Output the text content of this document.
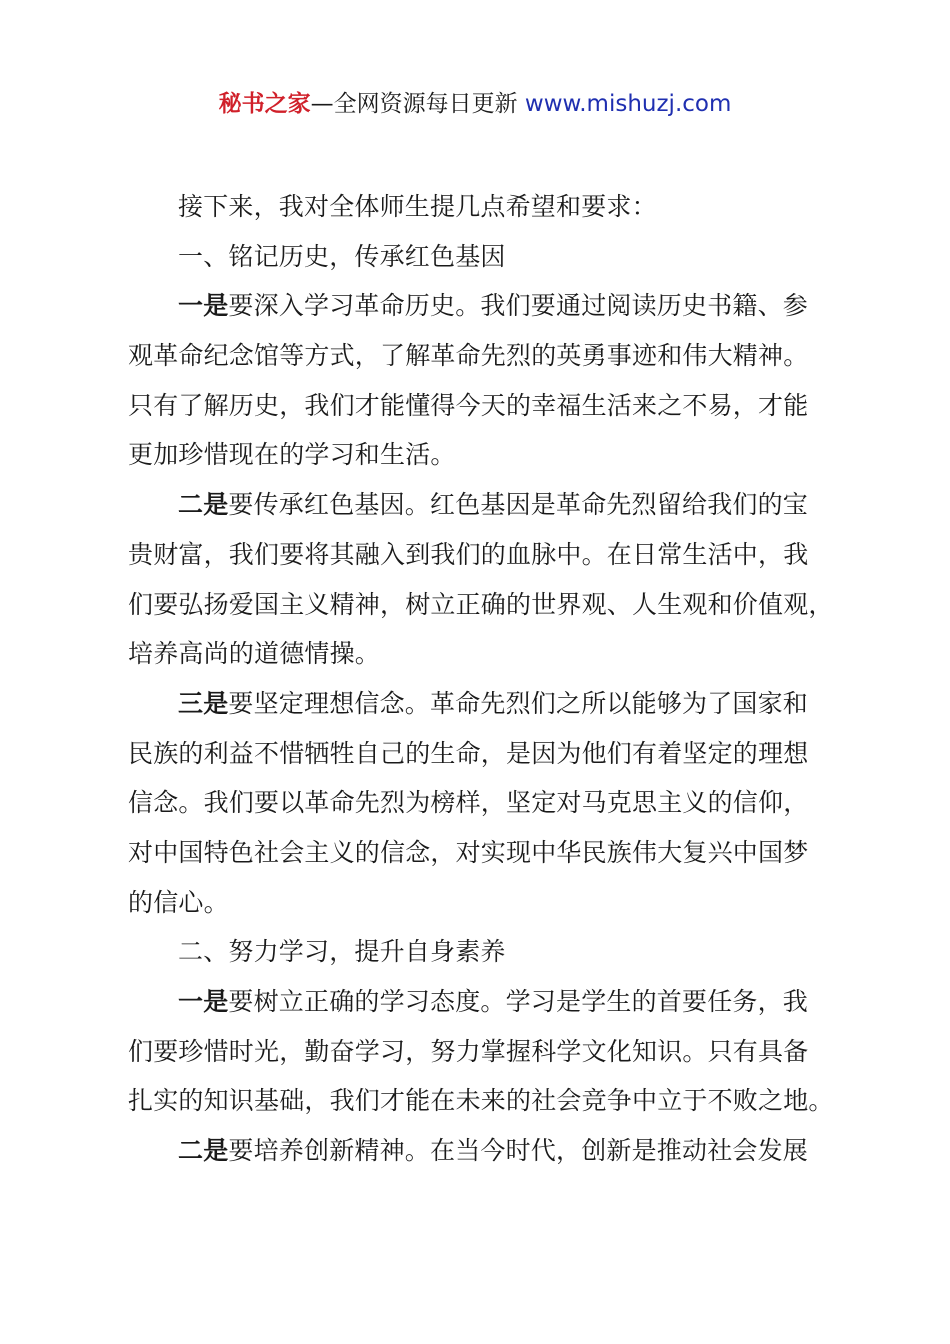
秘书之家—全网资源每日更新 www.mishuzj.com
接下来，我对全体师生提几点希望和要求：
一、铭记历史，传承红色基因
一是要深入学习革命历史。我们要通过阅读历史书籍、参
观革命纪念馆等方式，了解革命先烈的英勇事迹和伟大精神。
只有了解历史，我们才能懂得今天的幸福生活来之不易，才能
更加珍惜现在的学习和生活。
二是要传承红色基因。红色基因是革命先烈留给我们的宝
贵财富，我们要将其融入到我们的血脉中。在日常生活中，我
们要弘扬爱国主义精神，树立正确的世界观、人生观和价值观，
培养高尚的道德情操。
三是要坚定理想信念。革命先烈们之所以能够为了国家和
民族的利益不惜牺牲自己的生命，是因为他们有着坚定的理想
信念。我们要以革命先烈为榜样，坚定对马克思主义的信仰，
对中国特色社会主义的信念，对实现中华民族伟大复兴中国梦
的信心。
二、努力学习，提升自身素养
一是要树立正确的学习态度。学习是学生的首要任务，我
们要珍惜时光，勤奋学习，努力掌握科学文化知识。只有具备
扎实的知识基础，我们才能在未来的社会竞争中立于不败之地。
二是要培养创新精神。在当今时代，创新是推动社会发展
